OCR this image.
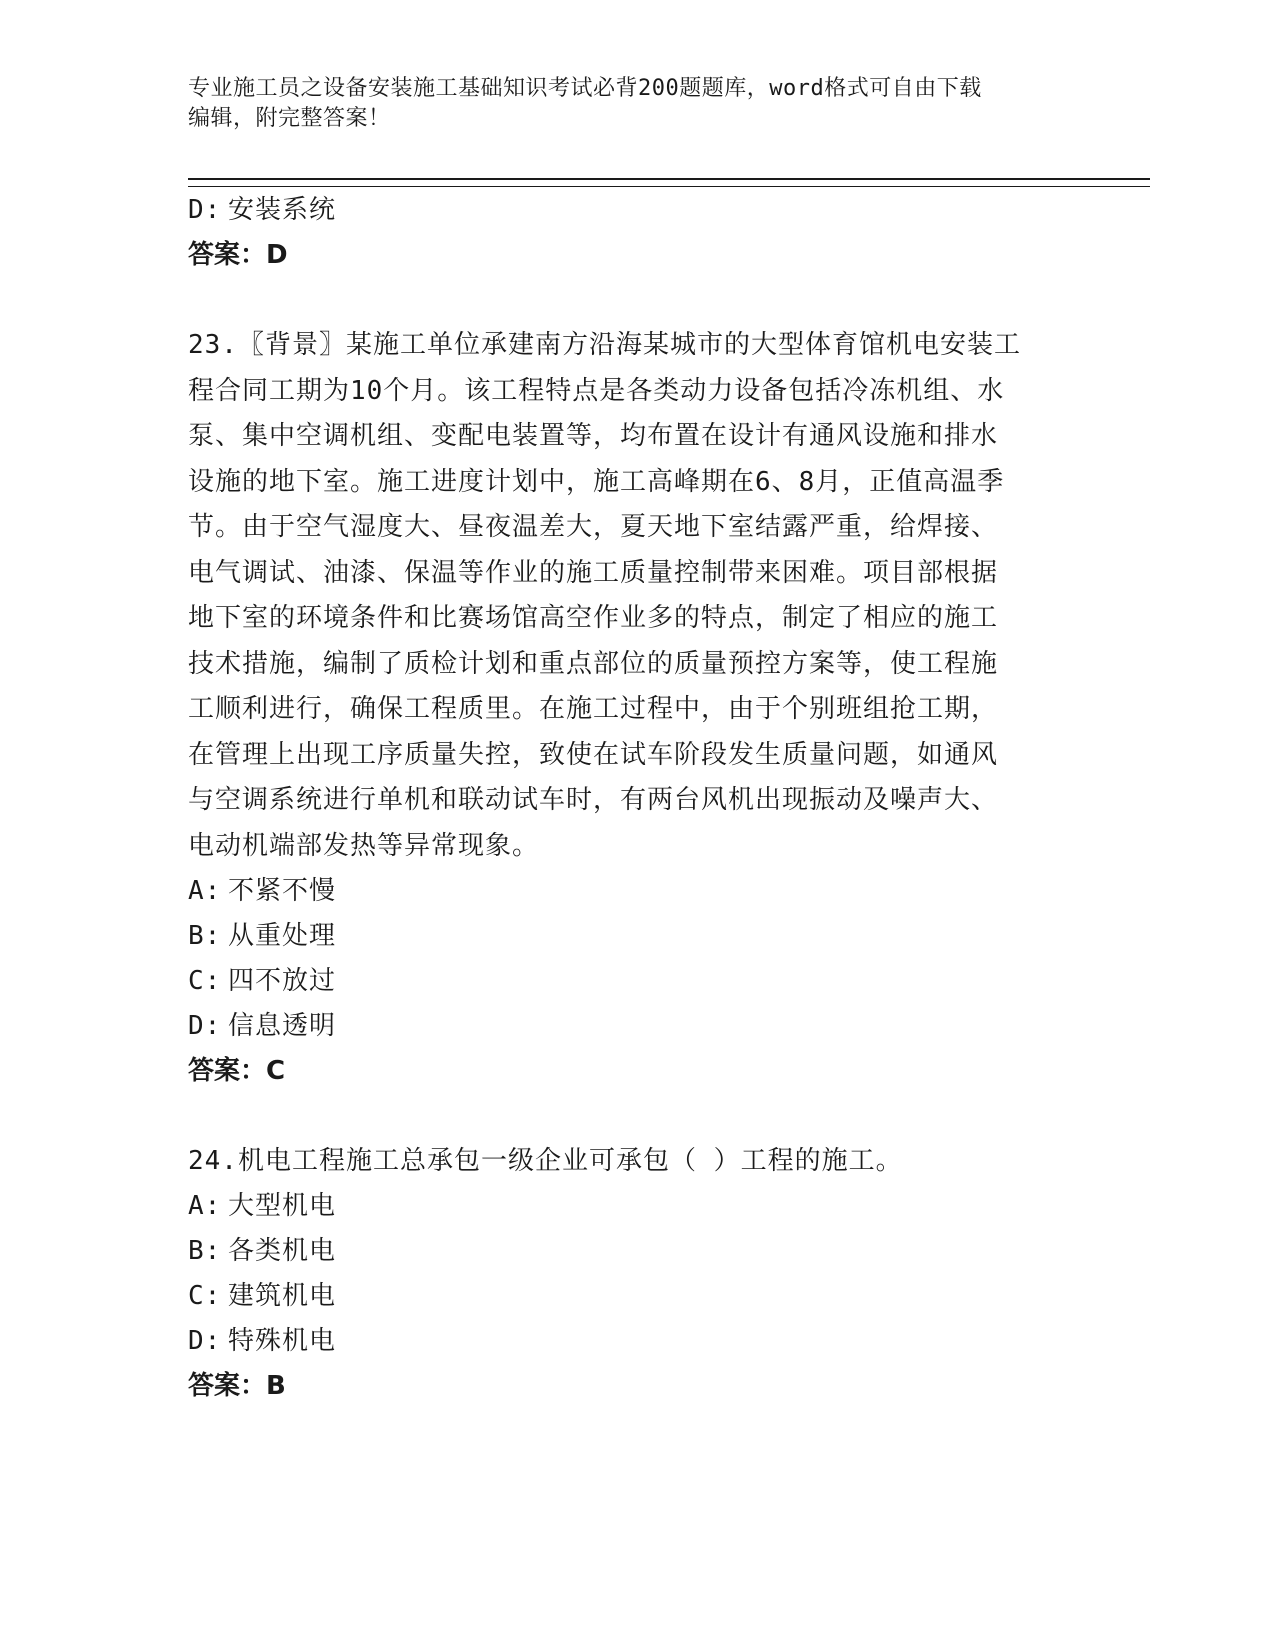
专业施工员之设备安装施工基础知识考试必背200题题库，word格式可自由下载
编辑，附完整答案！
D: 安装系统
答案：D
23.〖背景〗某施工单位承建南方沿海某城市的大型体育馆机电安装工
程合同工期为10个月。该工程特点是各类动力设备包括冷冻机组、水
泵、集中空调机组、变配电装置等，均布置在设计有通风设施和排水
设施的地下室。施工进度计划中，施工高峰期在6、8月，正值高温季
节。由于空气湿度大、昼夜温差大，夏天地下室结露严重，给焊接、
电气调试、油漆、保温等作业的施工质量控制带来困难。项目部根据
地下室的环境条件和比赛场馆高空作业多的特点，制定了相应的施工
技术措施，编制了质检计划和重点部位的质量预控方案等，使工程施
工顺利进行，确保工程质里。在施工过程中，由于个别班组抢工期，
在管理上出现工序质量失控，致使在试车阶段发生质量问题，如通风
与空调系统进行单机和联动试车时，有两台风机出现振动及噪声大、
电动机端部发热等异常现象。
A: 不紧不慢
B: 从重处理
C: 四不放过
D: 信息透明
答案：C
24.机电工程施工总承包一级企业可承包（ ）工程的施工。
A: 大型机电
B: 各类机电
C: 建筑机电
D: 特殊机电
答案：B
